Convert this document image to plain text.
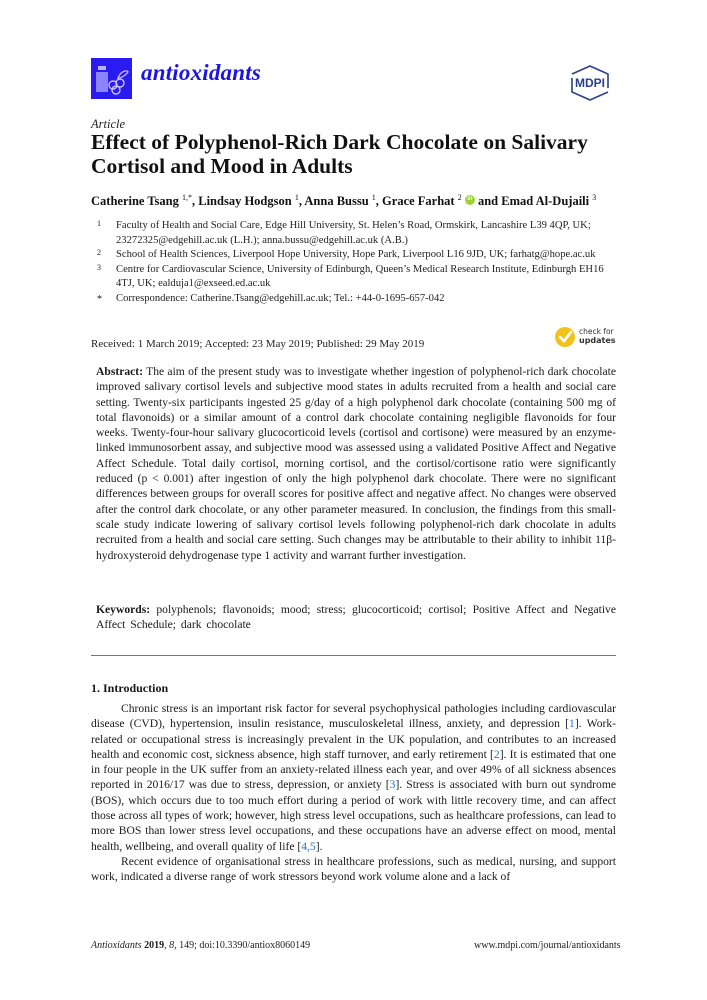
antioxidants	MDPI
Article
Effect of Polyphenol-Rich Dark Chocolate on Salivary Cortisol and Mood in Adults
Catherine Tsang $^{1,*}$, Lindsay Hodgson $^1$, Anna Bussu $^1$, Grace Farhat $^2$ iD and Emad Al-Dujaili $^3$
1 Faculty of Health and Social Care, Edge Hill University, St. Helen’s Road, Ormskirk, Lancashire L39 4QP, UK; 23272325@edgehill.ac.uk (L.H.); anna.bussu@edgehill.ac.uk (A.B.)
2 School of Health Sciences, Liverpool Hope University, Hope Park, Liverpool L16 9JD, UK; farhatg@hope.ac.uk
3 Centre for Cardiovascular Science, University of Edinburgh, Queen’s Medical Research Institute, Edinburgh EH16 4TJ, UK; ealduja1@exseed.ed.ac.uk
* Correspondence: Catherine.Tsang@edgehill.ac.uk; Tel.: +44-0-1695-657-042
check for
updates
Received: 1 March 2019; Accepted: 23 May 2019; Published: 29 May 2019
Abstract: The aim of the present study was to investigate whether ingestion of polyphenol-rich dark chocolate improved salivary cortisol levels and subjective mood states in adults recruited from a health and social care setting. Twenty-six participants ingested 25 g/day of a high polyphenol dark chocolate (containing 500 mg of total flavonoids) or a similar amount of a control dark chocolate containing negligible flavonoids for four weeks. Twenty-four-hour salivary glucocorticoid levels (cortisol and cortisone) were measured by an enzyme-linked immunosorbent assay, and subjective mood was assessed using a validated Positive Affect and Negative Affect Schedule. Total daily cortisol, morning cortisol, and the cortisol/cortisone ratio were significantly reduced (p < 0.001) after ingestion of only the high polyphenol dark chocolate. There were no significant differences between groups for overall scores for positive affect and negative affect. No changes were observed after the control dark chocolate, or any other parameter measured. In conclusion, the findings from this small-scale study indicate lowering of salivary cortisol levels following polyphenol-rich dark chocolate in adults recruited from a health and social care setting. Such changes may be attributable to their ability to inhibit 11β-hydroxysteroid dehydrogenase type 1 activity and warrant further investigation.
Keywords: polyphenols; flavonoids; mood; stress; glucocorticoid; cortisol; Positive Affect and Negative Affect Schedule; dark chocolate
1. Introduction

Chronic stress is an important risk factor for several psychophysical pathologies including cardiovascular disease (CVD), hypertension, insulin resistance, musculoskeletal illness, anxiety, and depression [1]. Work-related or occupational stress is increasingly prevalent in the UK population, and contributes to an increased health and economic cost, sickness absence, high staff turnover, and early retirement [2]. It is estimated that one in four people in the UK suffer from an anxiety-related illness each year, and over 49% of all sickness absences reported in 2016/17 was due to stress, depression, or anxiety [3]. Stress is associated with burn out syndrome (BOS), which occurs due to too much effort during a period of work with little recovery time, and can affect those across all types of work; however, high stress level occupations, such as healthcare professions, can lead to more BOS than lower stress level occupations, and these occupations have an adverse effect on mood, mental health, wellbeing, and overall quality of life [4,5].

Recent evidence of organisational stress in healthcare professions, such as medical, nursing, and support work, indicated a diverse range of work stressors beyond work volume alone and a lack of

Antioxidants 2019, 8, 149; doi:10.3390/antiox8060149	www.mdpi.com/journal/antioxidants
